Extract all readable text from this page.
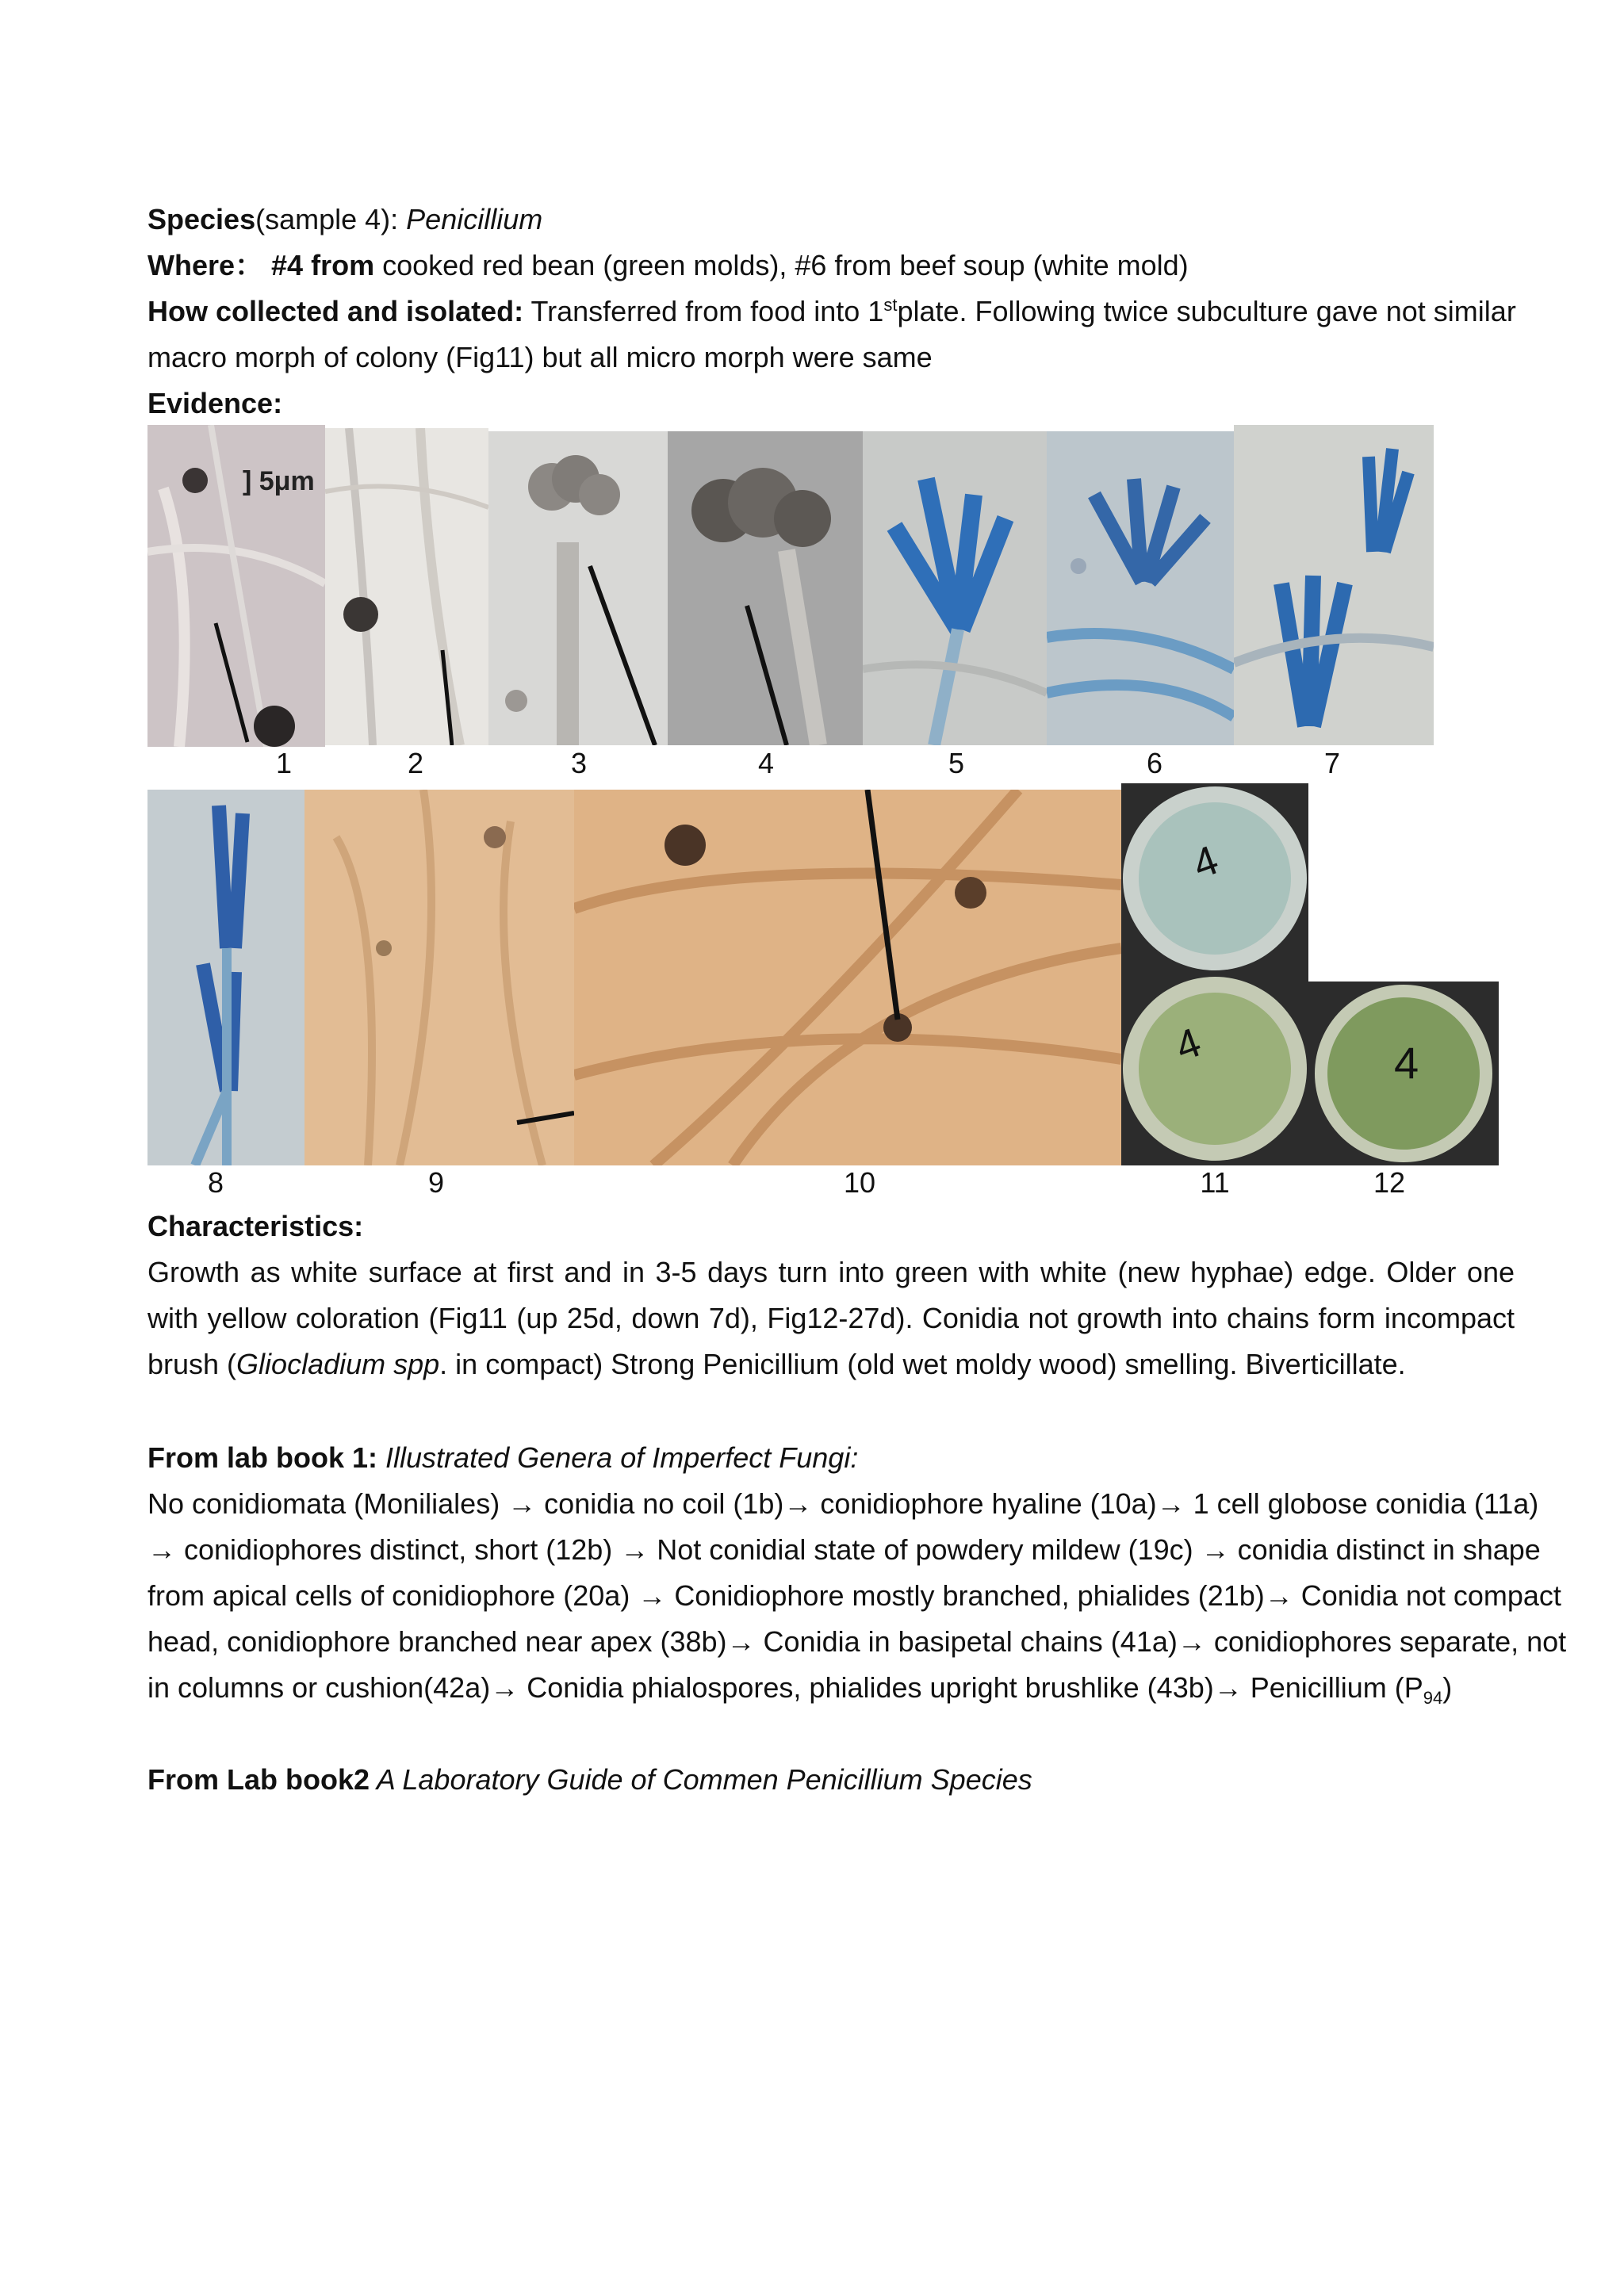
Species(sample 4): Penicillium
Where： #4 from cooked red bean (green molds), #6 from beef soup (white mold)
How collected and isolated: Transferred from food into 1stplate. Following twice subculture gave not similar
macro morph of colony (Fig11) but all micro morph were same
Evidence:
] 5μm
1	2	3	4	5	6	7
4
4	4
8	9	10	11	12
Characteristics:
Growth as white surface at first and in 3-5 days turn into green with white (new hyphae) edge. Older one with yellow coloration (Fig11 (up 25d, down 7d), Fig12-27d). Conidia not growth into chains form incompact brush (Gliocladium spp. in compact) Strong Penicillium (old wet moldy wood) smelling. Biverticillate.
From lab book 1: Illustrated Genera of Imperfect Fungi:
No conidiomata (Moniliales) → conidia no coil (1b)→ conidiophore hyaline (10a)→ 1 cell globose conidia (11a)
→ conidiophores distinct, short (12b) → Not conidial state of powdery mildew (19c) → conidia distinct in shape
from apical cells of conidiophore (20a) → Conidiophore mostly branched, phialides (21b)→ Conidia not compact
head, conidiophore branched near apex (38b)→ Conidia in basipetal chains (41a)→ conidiophores separate, not
in columns or cushion(42a)→ Conidia phialospores, phialides upright brushlike (43b)→ Penicillium $(P_{94})$
From Lab book2 A Laboratory Guide of Commen Penicillium Species
